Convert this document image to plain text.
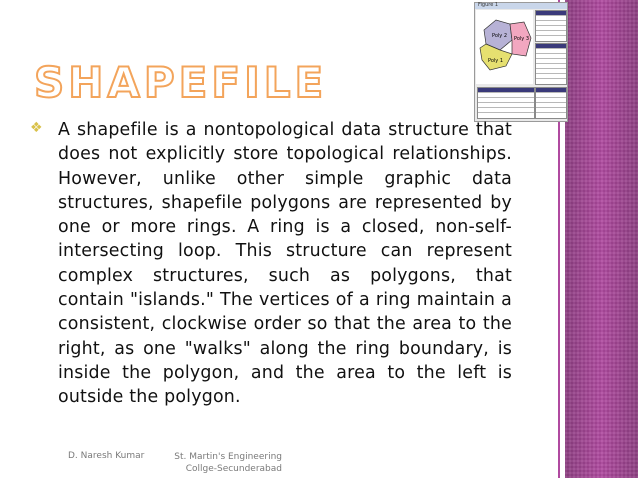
Figure 1
Poly 2 Poly 3
Poly 1
SHAPEFILE
❖ A shapefile is a nontopological data structure that does not explicitly store topological relationships. However, unlike other simple graphic data structures, shapefile polygons are represented by one or more rings. A ring is a closed, non-self-intersecting loop. This structure can represent complex structures, such as polygons, that contain "islands." The vertices of a ring maintain a consistent, clockwise order so that the area to the right, as one "walks" along the ring boundary, is inside the polygon, and the area to the left is outside the polygon.

D. Naresh Kumar	St. Martin's Engineering Collge-Secunderabad
